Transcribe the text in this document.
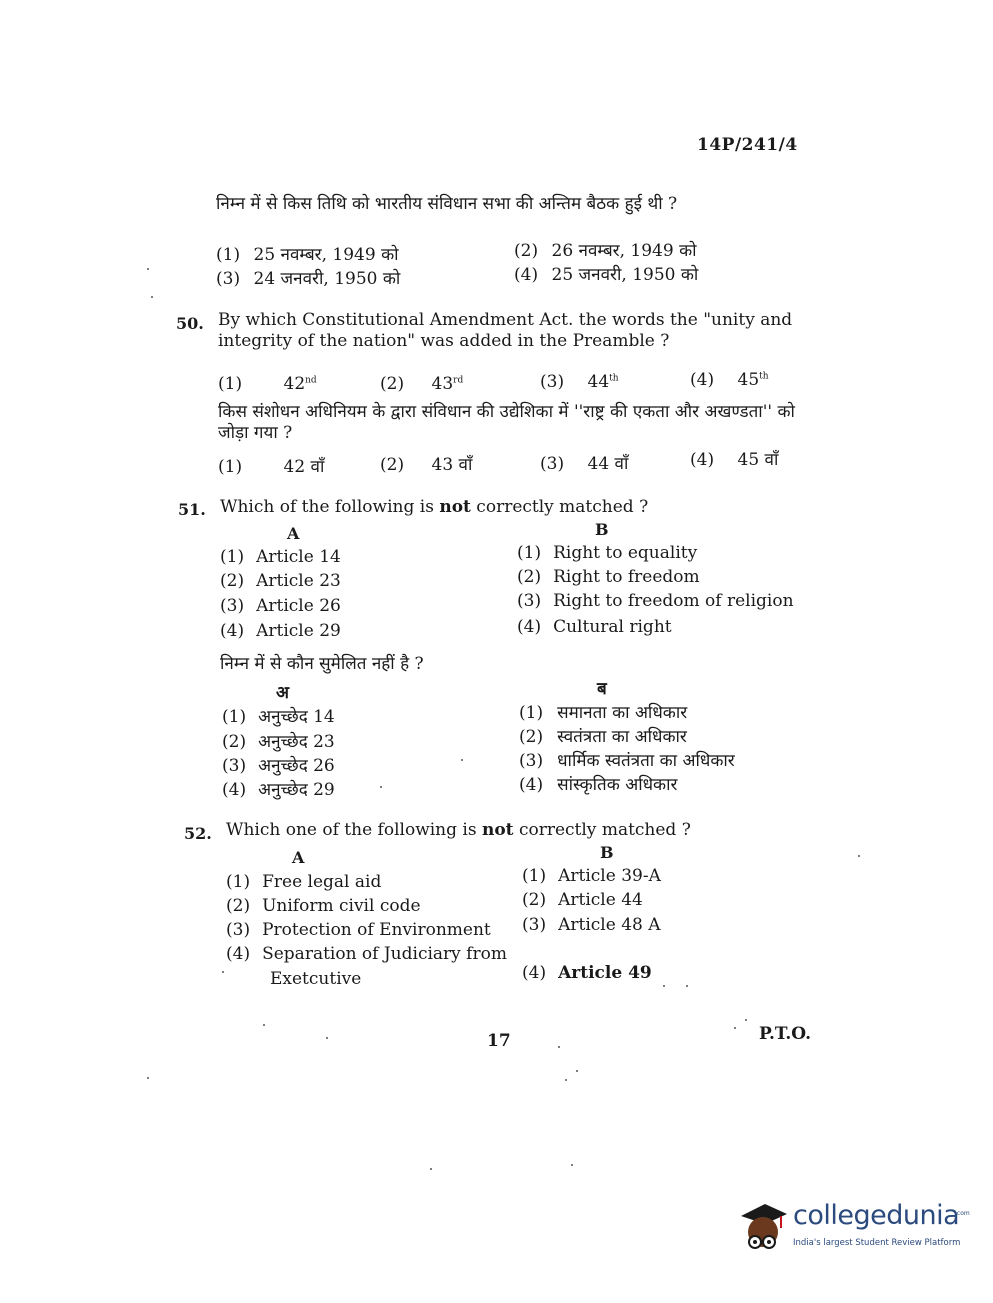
14P/241/4
निम्न में से किस तिथि को भारतीय संविधान सभा की अन्तिम बैठक हुई थी ?
(1) 25 नवम्बर, 1949 को	(2) 26 नवम्बर, 1949 को
(3) 24 जनवरी, 1950 को	(4) 25 जनवरी, 1950 को
50. By which Constitutional Amendment Act. the words the "unity and integrity of the nation" was added in the Preamble ?
(1) 42nd	(2) 43rd	(3) 44th	(4) 45th
किस संशोधन अधिनियम के द्वारा संविधान की उद्येशिका में ''राष्ट्र की एकता और अखण्डता'' को जोड़ा गया ?
(1) 42 वाँ	(2) 43 वाँ	(3) 44 वाँ	(4) 45 वाँ
51. Which of the following is not correctly matched ?
A	B
(1) Article 14	(1) Right to equality
(2) Article 23	(2) Right to freedom
(3) Article 26	(3) Right to freedom of religion
(4) Article 29	(4) Cultural right
निम्न में से कौन सुमेलित नहीं है ?
अ	ब
(1) अनुच्छेद 14	(1) समानता का अधिकार
(2) अनुच्छेद 23	(2) स्वतंत्रता का अधिकार
(3) अनुच्छेद 26	(3) धार्मिक स्वतंत्रता का अधिकार
(4) अनुच्छेद 29	(4) सांस्कृतिक अधिकार
52. Which one of the following is not correctly matched ?
A	B
(1) Free legal aid	(1) Article 39-A
(2) Uniform civil code	(2) Article 44
(3) Protection of Environment (3) Article 48 A
(4) Separation of Judiciary from
Exetcutive	(4) Article 49
17	P.T.O.
collegedunia
.com
India's largest Student Review Platform
